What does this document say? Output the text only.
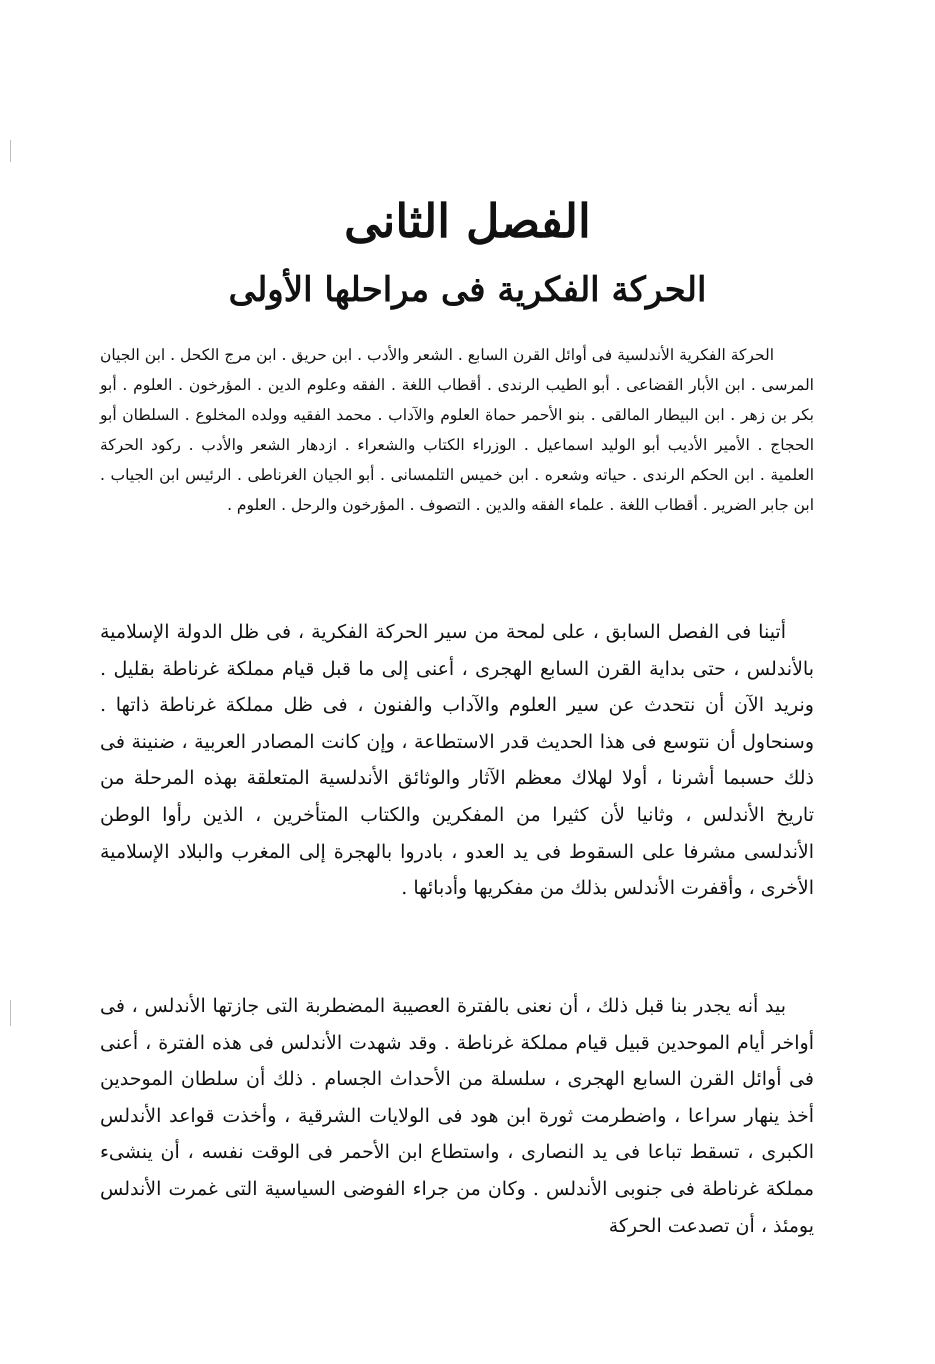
الفصل الثانى
الحركة الفكرية فى مراحلها الأولى
الحركة الفكرية الأندلسية فى أوائل القرن السابع . الشعر والأدب . ابن حريق . ابن مرج الكحل . ابن الجيان المرسى . ابن الأبار القضاعى . أبو الطيب الرندى . أقطاب اللغة . الفقه وعلوم الدين . المؤرخون . العلوم . أبو بكر بن زهر . ابن البيطار المالقى . بنو الأحمر حماة العلوم والآداب . محمد الفقيه وولده المخلوع . السلطان أبو الحجاج . الأمير الأديب أبو الوليد اسماعيل . الوزراء الكتاب والشعراء . ازدهار الشعر والأدب . ركود الحركة العلمية . ابن الحكم الرندى . حياته وشعره . ابن خميس التلمسانى . أبو الجيان الغرناطى . الرئيس ابن الجياب . ابن جابر الضرير . أقطاب اللغة . علماء الفقه والدين . التصوف . المؤرخون والرحل . العلوم .
أتينا فى الفصل السابق ، على لمحة من سير الحركة الفكرية ، فى ظل الدولة الإسلامية بالأندلس ، حتى بداية القرن السابع الهجرى ، أعنى إلى ما قبل قيام مملكة غرناطة بقليل . ونريد الآن أن نتحدث عن سير العلوم والآداب والفنون ، فى ظل مملكة غرناطة ذاتها . وسنحاول أن نتوسع فى هذا الحديث قدر الاستطاعة ، وإن كانت المصادر العربية ، ضنينة فى ذلك حسبما أشرنا ، أولا لهلاك معظم الآثار والوثائق الأندلسية المتعلقة بهذه المرحلة من تاريخ الأندلس ، وثانيا لأن كثيرا من المفكرين والكتاب المتأخرين ، الذين رأوا الوطن الأندلسى مشرفا على السقوط فى يد العدو ، بادروا بالهجرة إلى المغرب والبلاد الإسلامية الأخرى ، وأقفرت الأندلس بذلك من مفكريها وأدبائها .
بيد أنه يجدر بنا قبل ذلك ، أن نعنى بالفترة العصيبة المضطربة التى جازتها الأندلس ، فى أواخر أيام الموحدين قبيل قيام مملكة غرناطة . وقد شهدت الأندلس فى هذه الفترة ، أعنى فى أوائل القرن السابع الهجرى ، سلسلة من الأحداث الجسام . ذلك أن سلطان الموحدين أخذ ينهار سراعا ، واضطرمت ثورة ابن هود فى الولايات الشرقية ، وأخذت قواعد الأندلس الكبرى ، تسقط تباعا فى يد النصارى ، واستطاع ابن الأحمر فى الوقت نفسه ، أن ينشىء مملكة غرناطة فى جنوبى الأندلس . وكان من جراء الفوضى السياسية التى غمرت الأندلس يومئذ ، أن تصدعت الحركة
